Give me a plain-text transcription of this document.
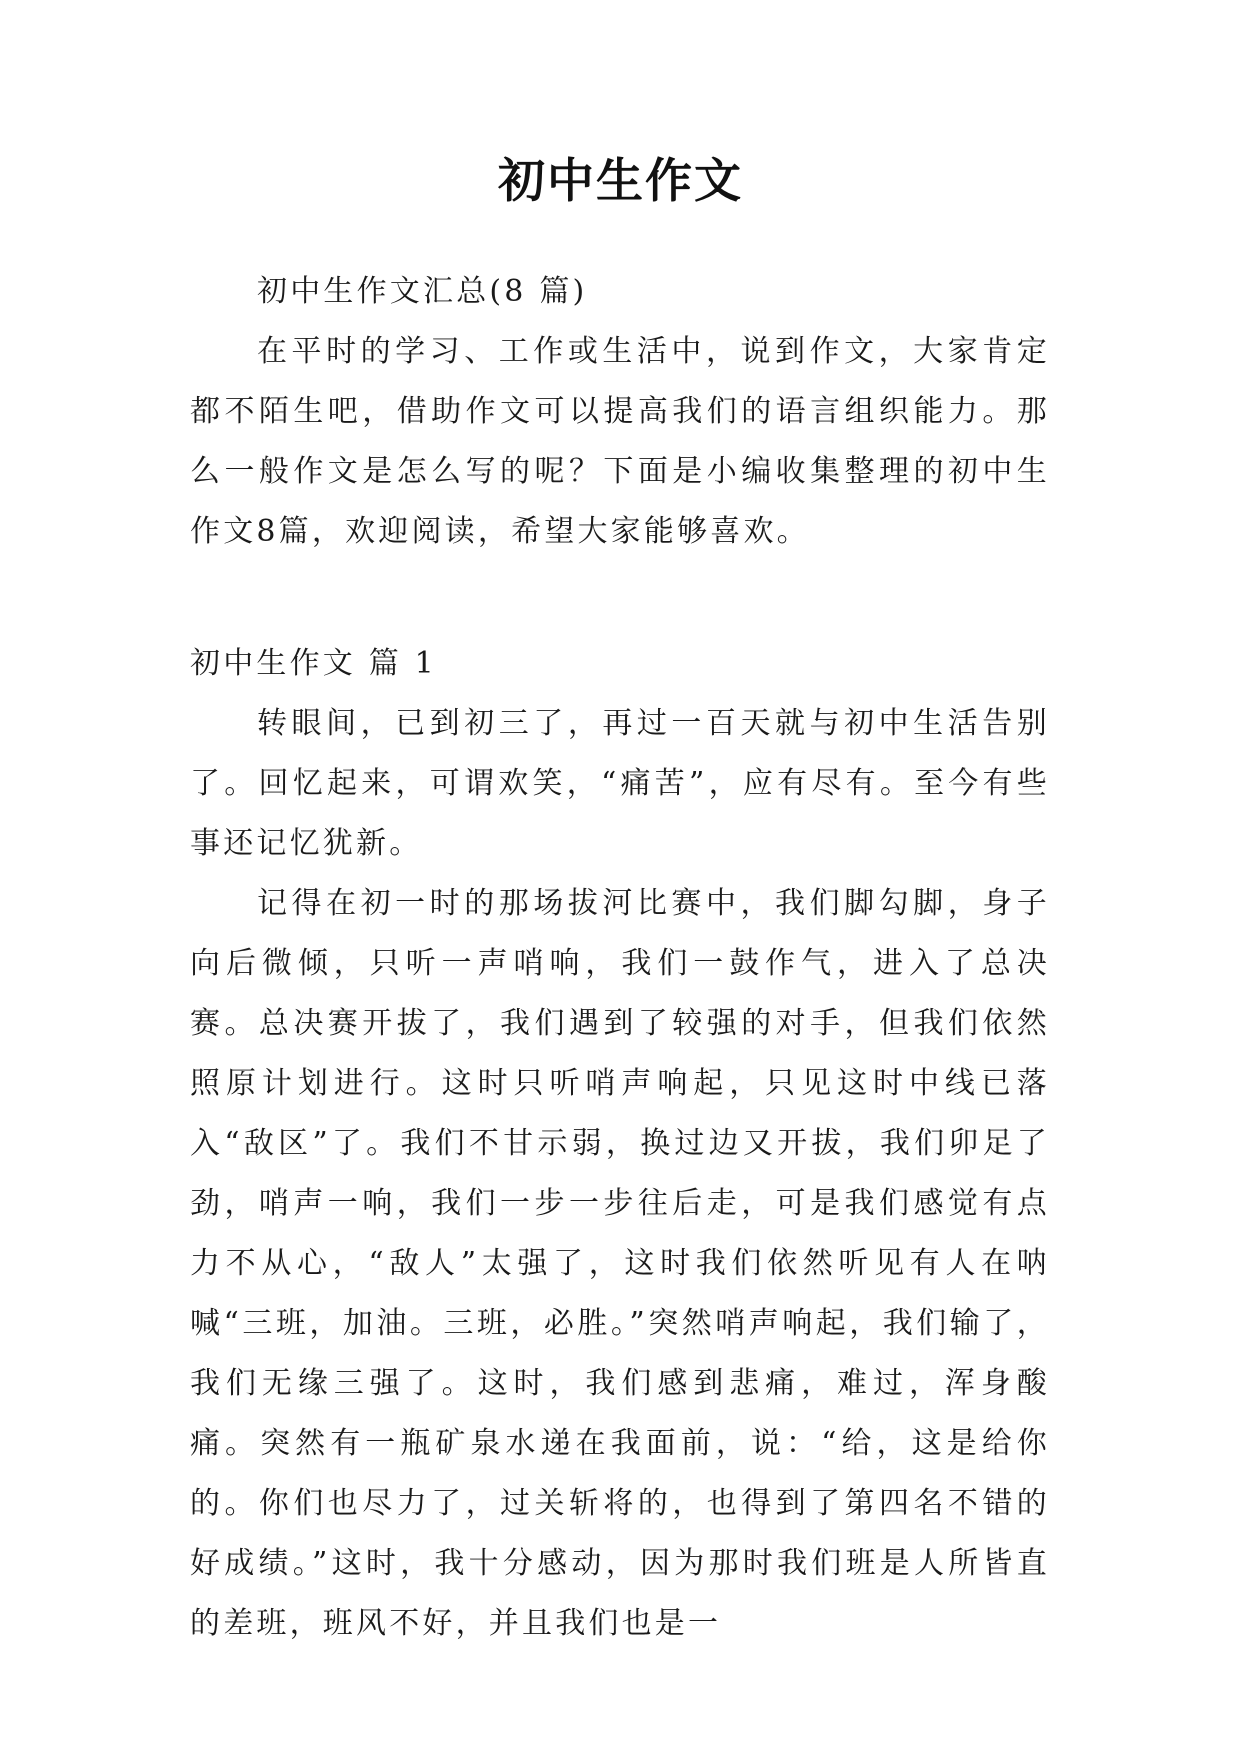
初中生作文

初中生作文汇总(8 篇)

在平时的学习、工作或生活中，说到作文，大家肯定都不陌生吧，借助作文可以提高我们的语言组织能力。那么一般作文是怎么写的呢？下面是小编收集整理的初中生作文8篇，欢迎阅读，希望大家能够喜欢。

初中生作文 篇 1

转眼间，已到初三了，再过一百天就与初中生活告别了。回忆起来，可谓欢笑，“痛苦”，应有尽有。至今有些事还记忆犹新。

记得在初一时的那场拔河比赛中，我们脚勾脚，身子向后微倾，只听一声哨响，我们一鼓作气，进入了总决赛。总决赛开拔了，我们遇到了较强的对手，但我们依然照原计划进行。这时只听哨声响起，只见这时中线已落入“敌区”了。我们不甘示弱，换过边又开拔，我们卯足了劲，哨声一响，我们一步一步往后走，可是我们感觉有点力不从心，“敌人”太强了，这时我们依然听见有人在呐喊“三班，加油。三班，必胜。”突然哨声响起，我们输了，我们无缘三强了。这时，我们感到悲痛，难过，浑身酸痛。突然有一瓶矿泉水递在我面前，说：“给，这是给你的。你们也尽力了，过关斩将的，也得到了第四名不错的好成绩。”这时，我十分感动，因为那时我们班是人所皆直的差班，班风不好，并且我们也是一
